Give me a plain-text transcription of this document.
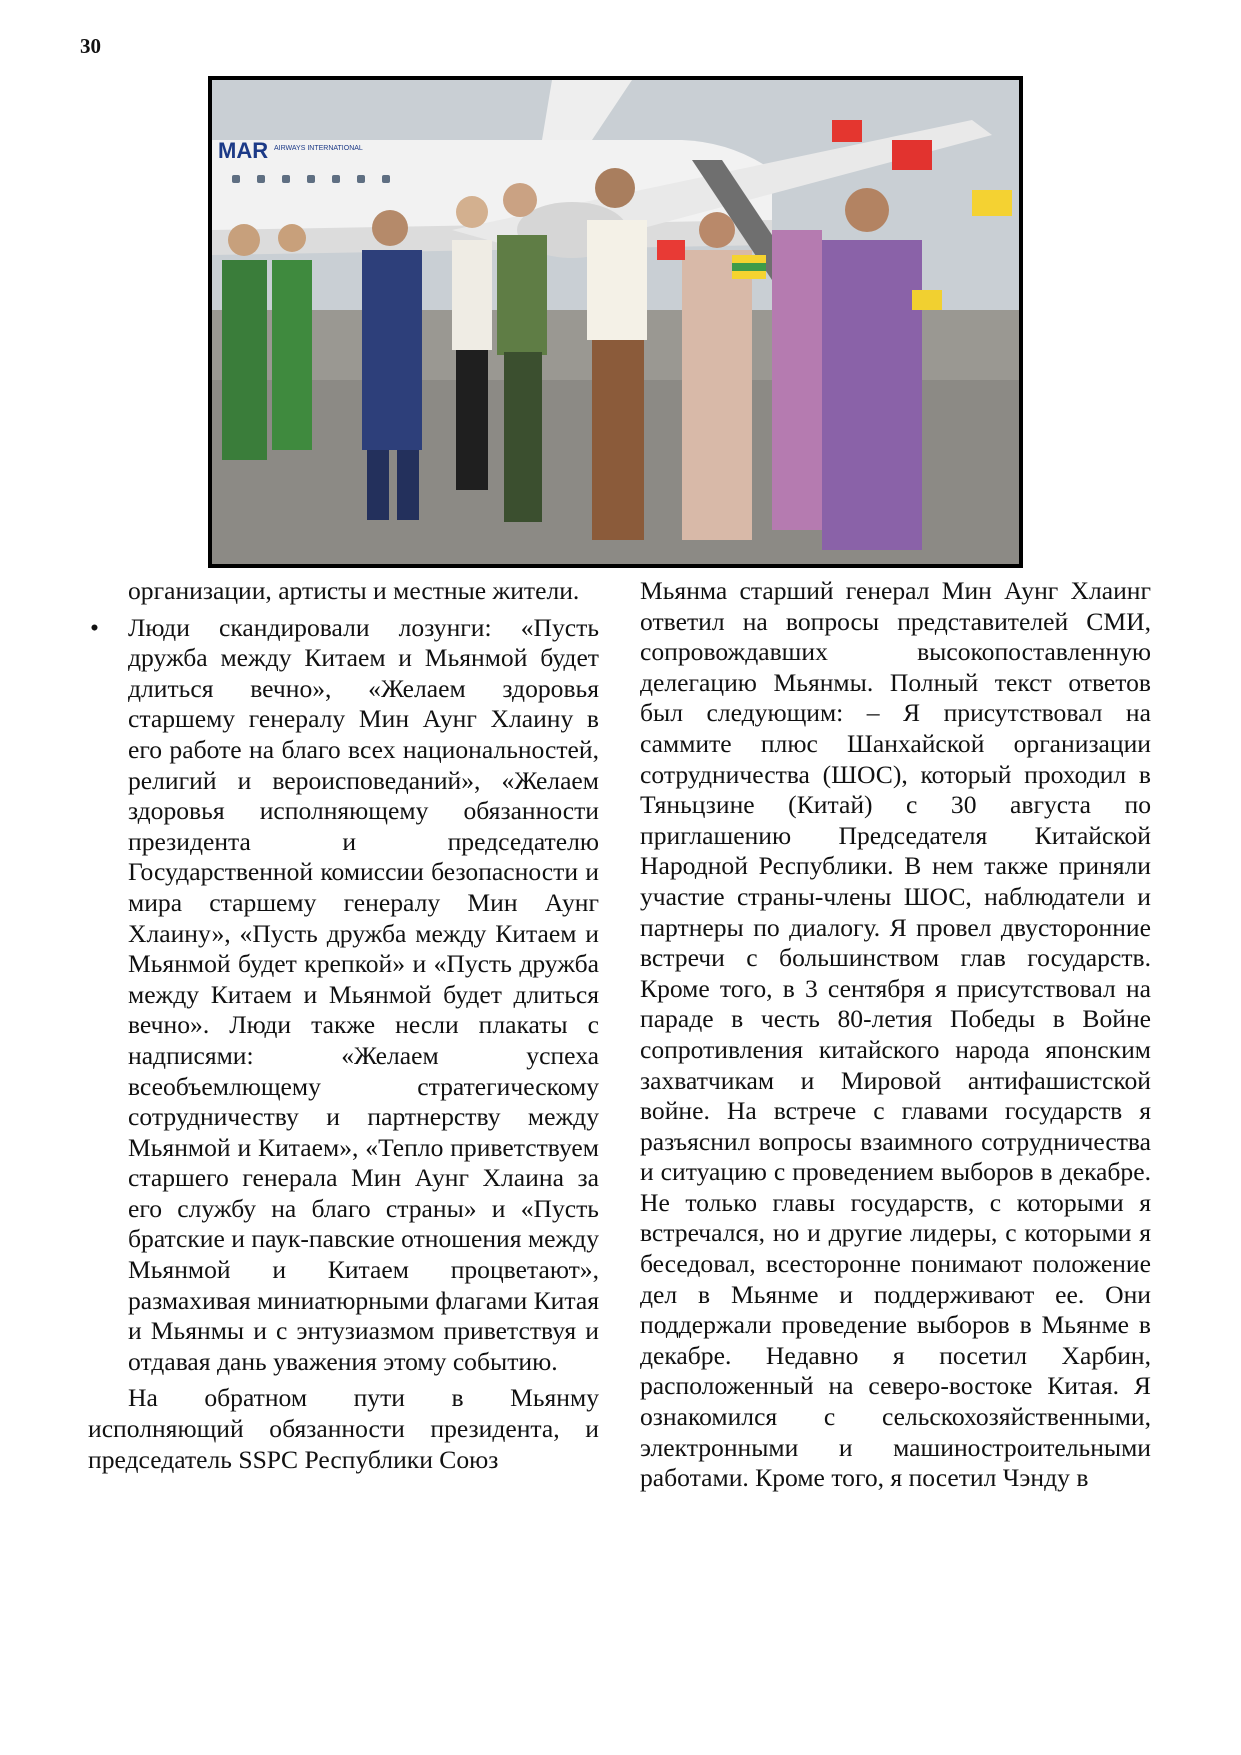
30
MAR AIRWAYS INTERNATIONAL

организации, артисты и местные жители.

• Люди скандировали лозунги: «Пусть дружба между Китаем и Мьянмой будет длиться вечно», «Желаем здоровья старшему генералу Мин Аунг Хлаину в его работе на благо всех национальностей, религий и вероисповеданий», «Желаем здоровья исполняющему обязанности президента и председателю Государственной комиссии безопасности и мира старшему генералу Мин Аунг Хлаину», «Пусть дружба между Китаем и Мьянмой будет крепкой» и «Пусть дружба между Китаем и Мьянмой будет длиться вечно». Люди также несли плакаты с надписями: «Желаем успеха всеобъемлющему стратегическому сотрудничеству и партнерству между Мьянмой и Китаем», «Тепло приветствуем старшего генерала Мин Аунг Хлаина за его службу на благо страны» и «Пусть братские и паук-павские отношения между Мьянмой и Китаем процветают», размахивая миниатюрными флагами Китая и Мьянмы и с энтузиазмом приветствуя и отдавая дань уважения этому событию.

На обратном пути в Мьянму исполняющий обязанности президента, и председатель SSPC Республики Союз

Мьянма старший генерал Мин Аунг Хлаинг ответил на вопросы представителей СМИ, сопровождавших высокопоставленную делегацию Мьянмы. Полный текст ответов был следующим: – Я присутствовал на саммите плюс Шанхайской организации сотрудничества (ШОС), который проходил в Тяньцзине (Китай) с 30 августа по приглашению Председателя Китайской Народной Республики. В нем также приняли участие страны-члены ШОС, наблюдатели и партнеры по диалогу. Я провел двусторонние встречи с большинством глав государств. Кроме того, в 3 сентября я присутствовал на параде в честь 80-летия Победы в Войне сопротивления китайского народа японским захватчикам и Мировой антифашистской войне. На встрече с главами государств я разъяснил вопросы взаимного сотрудничества и ситуацию с проведением выборов в декабре. Не только главы государств, с которыми я встречался, но и другие лидеры, с которыми я беседовал, всесторонне понимают положение дел в Мьянме и поддерживают ее. Они поддержали проведение выборов в Мьянме в декабре. Недавно я посетил Харбин, расположенный на северо-востоке Китая. Я ознакомился с сельскохозяйственными, электронными и машиностроительными работами. Кроме того, я посетил Чэнду в
